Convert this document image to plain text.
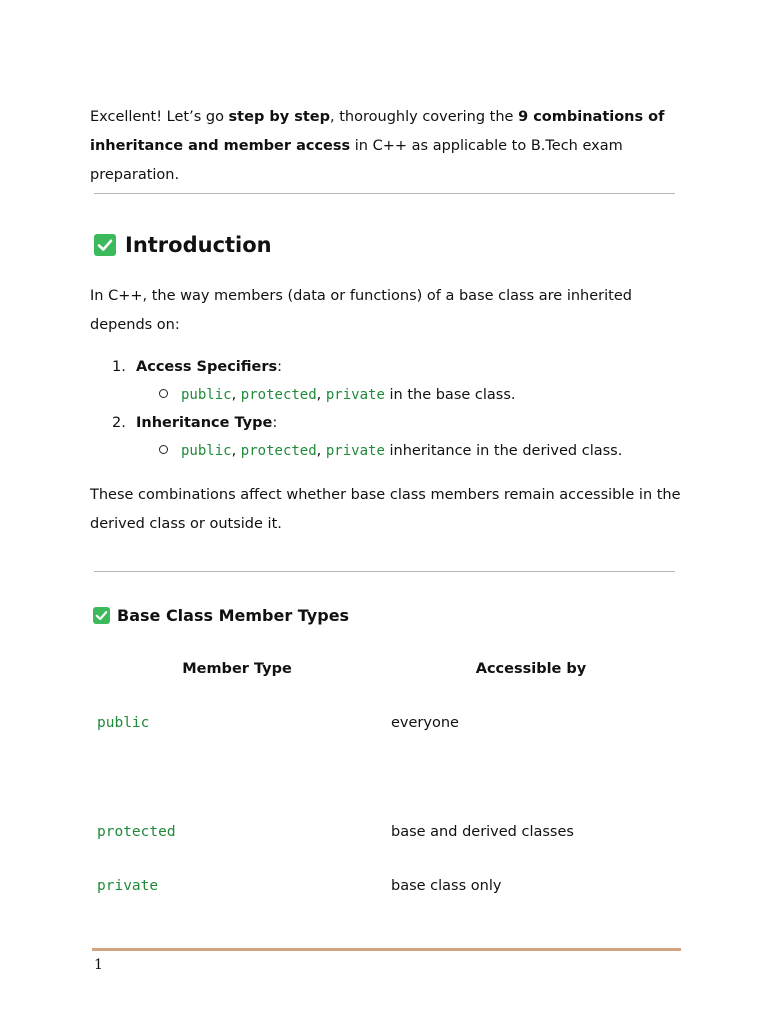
Excellent! Let’s go step by step, thoroughly covering the 9 combinations of inheritance and member access in C++ as applicable to B.Tech exam preparation.

Introduction

In C++, the way members (data or functions) of a base class are inherited depends on:

1. Access Specifiers:
public, protected, private in the base class.
2. Inheritance Type:
public, protected, private inheritance in the derived class.

These combinations affect whether base class members remain accessible in the derived class or outside it.

Base Class Member Types
Member Type	Accessible by
public	everyone
protected	base and derived classes
private	base class only
1
